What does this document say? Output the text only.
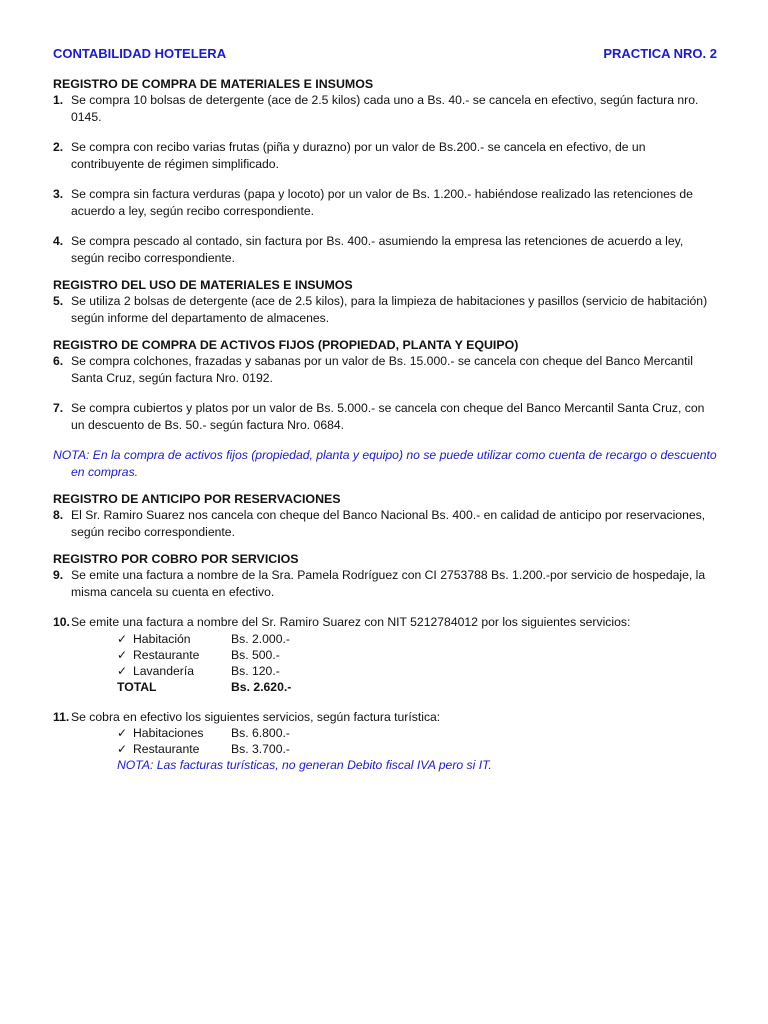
CONTABILIDAD HOTELERA	PRACTICA NRO. 2
REGISTRO DE COMPRA DE MATERIALES E INSUMOS
1. Se compra 10 bolsas de detergente (ace de 2.5 kilos) cada uno a Bs. 40.- se cancela en efectivo, según factura nro. 0145.
2. Se compra con recibo varias frutas (piña y durazno) por un valor de Bs.200.- se cancela en efectivo, de un contribuyente de régimen simplificado.
3. Se compra sin factura verduras (papa y locoto) por un valor de Bs. 1.200.- habiéndose realizado las retenciones de acuerdo a ley, según recibo correspondiente.
4. Se compra pescado al contado, sin factura por Bs. 400.- asumiendo la empresa las retenciones de acuerdo a ley, según recibo correspondiente.
REGISTRO DEL USO DE MATERIALES E INSUMOS
5. Se utiliza 2 bolsas de detergente (ace de 2.5 kilos), para la limpieza de habitaciones y pasillos (servicio de habitación) según informe del departamento de almacenes.
REGISTRO DE COMPRA DE ACTIVOS FIJOS (PROPIEDAD, PLANTA Y EQUIPO)
6. Se compra colchones, frazadas y sabanas por un valor de Bs. 15.000.- se cancela con cheque del Banco Mercantil Santa Cruz, según factura Nro. 0192.
7. Se compra cubiertos y platos por un valor de Bs. 5.000.- se cancela con cheque del Banco Mercantil Santa Cruz, con un descuento de Bs. 50.- según factura Nro. 0684.
NOTA: En la compra de activos fijos (propiedad, planta y equipo) no se puede utilizar como cuenta de recargo o descuento en compras.
REGISTRO DE ANTICIPO POR RESERVACIONES
8. El Sr. Ramiro Suarez nos cancela con cheque del Banco Nacional Bs. 400.- en calidad de anticipo por reservaciones, según recibo correspondiente.
REGISTRO POR COBRO POR SERVICIOS
9. Se emite una factura a nombre de la Sra. Pamela Rodríguez con CI 2753788 Bs. 1.200.-por servicio de hospedaje, la misma cancela su cuenta en efectivo.
10. Se emite una factura a nombre del Sr. Ramiro Suarez con NIT 5212784012 por los siguientes servicios:
✓ Habitación	Bs. 2.000.-
✓ Restaurante	Bs. 500.-
✓ Lavandería	Bs. 120.-
TOTAL	Bs. 2.620.-
11. Se cobra en efectivo los siguientes servicios, según factura turística:
✓ Habitaciones	Bs. 6.800.-
✓ Restaurante	Bs. 3.700.-
NOTA: Las facturas turísticas, no generan Debito fiscal IVA pero si IT.
